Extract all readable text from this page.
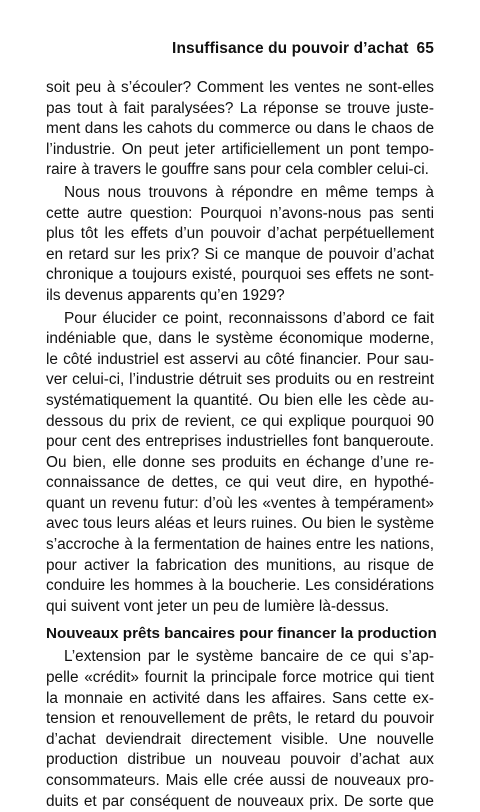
Insuffisance du pouvoir d’achat 65
soit peu à s’écouler? Comment les ventes ne sont-elles
pas tout à fait paralysées? La réponse se trouve juste-
ment dans les cahots du commerce ou dans le chaos de
l’industrie. On peut jeter artificiellement un pont tempo-
raire à travers le gouffre sans pour cela combler celui-ci.
Nous nous trouvons à répondre en même temps à
cette autre question: Pourquoi n’avons-nous pas senti
plus tôt les effets d’un pouvoir d’achat perpétuellement
en retard sur les prix? Si ce manque de pouvoir d’achat
chronique a toujours existé, pourquoi ses effets ne sont-
ils devenus apparents qu’en 1929?
Pour élucider ce point, reconnaissons d’abord ce fait
indéniable que, dans le système économique moderne,
le côté industriel est asservi au côté financier. Pour sau-
ver celui-ci, l’industrie détruit ses produits ou en restreint
systématiquement la quantité. Ou bien elle les cède au-
dessous du prix de revient, ce qui explique pourquoi 90
pour cent des entreprises industrielles font banqueroute.
Ou bien, elle donne ses produits en échange d’une re-
connaissance de dettes, ce qui veut dire, en hypothé-
quant un revenu futur: d’où les «ventes à tempérament»
avec tous leurs aléas et leurs ruines. Ou bien le système
s’accroche à la fermentation de haines entre les nations,
pour activer la fabrication des munitions, au risque de
conduire les hommes à la boucherie. Les considérations
qui suivent vont jeter un peu de lumière là-dessus.
Nouveaux prêts bancaires pour financer la production
L’extension par le système bancaire de ce qui s’ap-
pelle «crédit» fournit la principale force motrice qui tient
la monnaie en activité dans les affaires. Sans cette ex-
tension et renouvellement de prêts, le retard du pouvoir
d’achat deviendrait directement visible. Une nouvelle
production distribue un nouveau pouvoir d’achat aux
consommateurs. Mais elle crée aussi de nouveaux pro-
duits et par conséquent de nouveaux prix. De sorte que
